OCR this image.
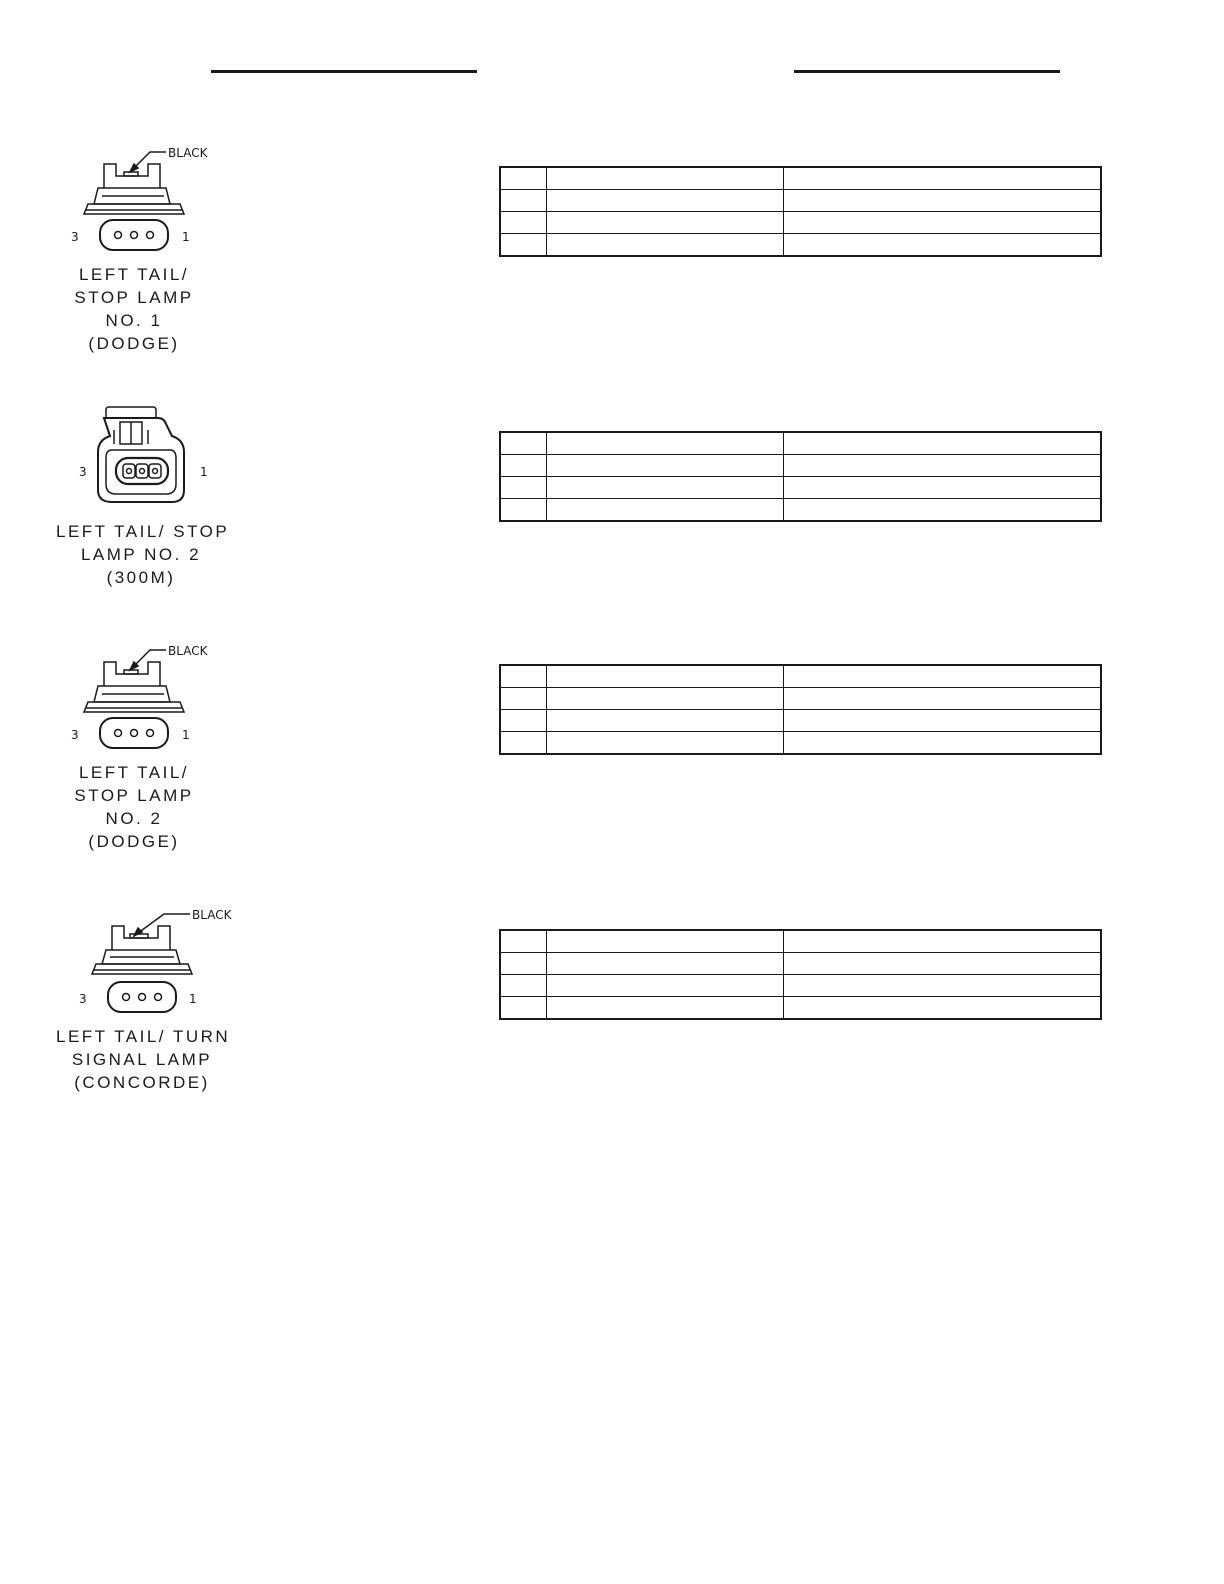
BLACK
3	1
LEFT TAIL/
STOP LAMP
NO. 1
(DODGE)

3	1
LEFT TAIL/ STOP
LAMP NO. 2
(300M)

BLACK
3	1
LEFT TAIL/
STOP LAMP
NO. 2
(DODGE)

BLACK
3	1
LEFT TAIL/ TURN
SIGNAL LAMP
(CONCORDE)
